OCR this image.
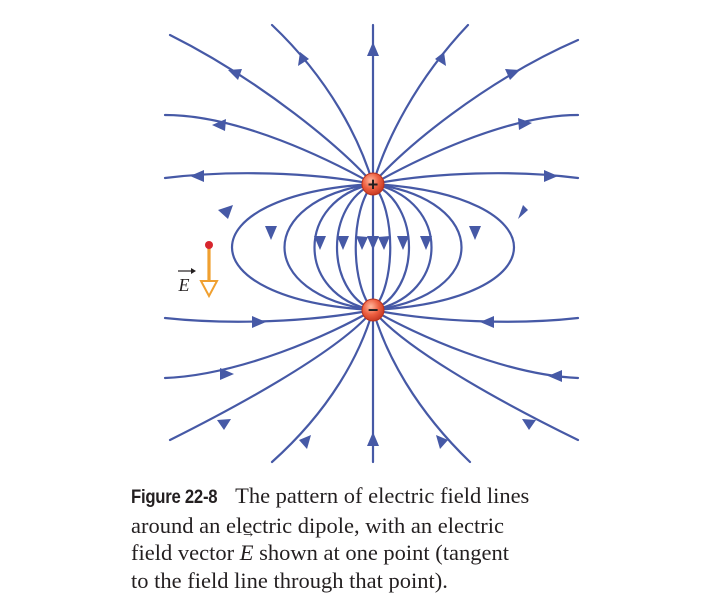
+
−
E
Figure 22-8 The pattern of electric field lines
around an electric dipole, with an electric
field vector → E shown at one point (tangent
to the field line through that point).
